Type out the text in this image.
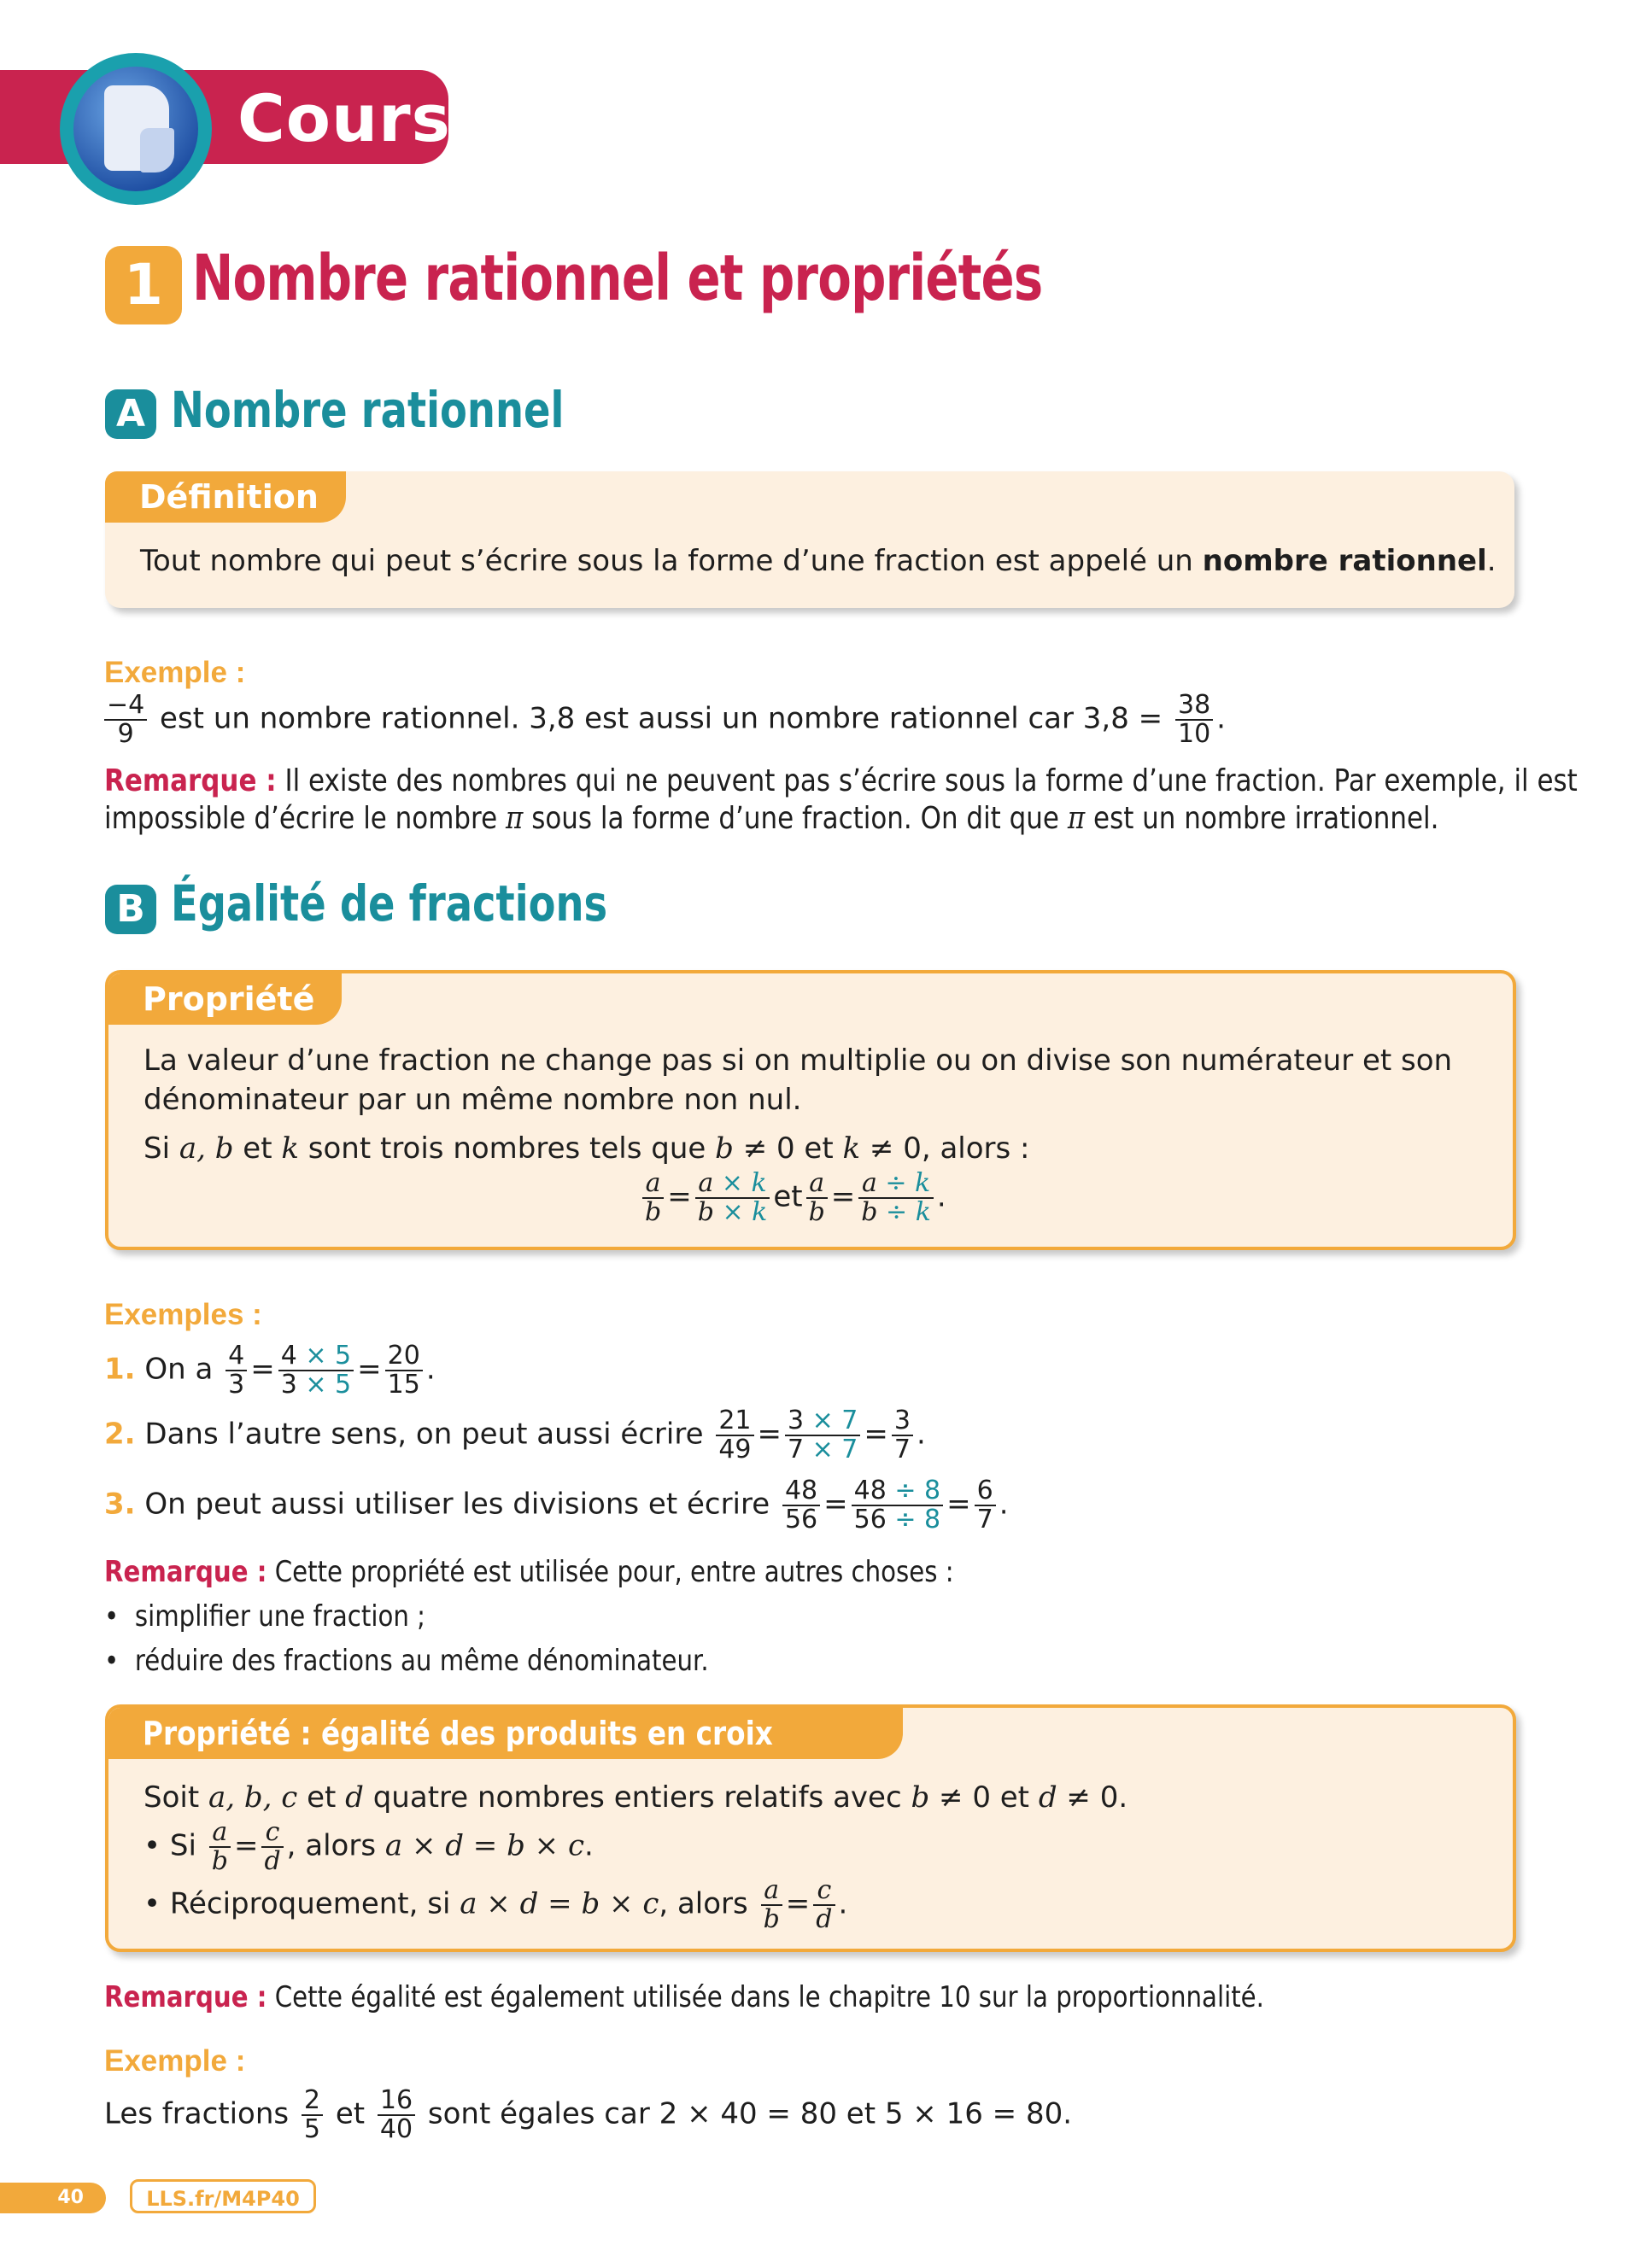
Cours
1 Nombre rationnel et propriétés
A Nombre rationnel
Définition
Tout nombre qui peut s’écrire sous la forme d’une fraction est appelé un nombre rationnel.
Exemple :
$\frac{-4}{9}$ est un nombre rationnel. 3,8 est aussi un nombre rationnel car $3,8 = \frac{38}{10}$ .
Remarque : Il existe des nombres qui ne peuvent pas s’écrire sous la forme d’une fraction. Par exemple, il est
impossible d’écrire le nombre π sous la forme d’une fraction. On dit que π est un nombre irrationnel.
B Égalité de fractions
Propriété
La valeur d’une fraction ne change pas si on multiplie ou on divise son numérateur et son
dénominateur par un même nombre non nul.
Si a, b et k sont trois nombres tels que b ≠ 0 et k ≠ 0, alors :
$\frac{a}{b} = \frac{a \times k}{b \times k}$ et $\frac{a}{b} = \frac{a \div k}{b \div k}$ .
Exemples :
1. On a $\frac{4}{3} = \frac{4 \times 5}{3 \times 5} = \frac{20}{15}$ .
2. Dans l’autre sens, on peut aussi écrire $\frac{21}{49} = \frac{3 \times 7}{7 \times 7} = \frac{3}{7}$ .
3. On peut aussi utiliser les divisions et écrire $\frac{48}{56} = \frac{48 \div 8}{56 \div 8} = \frac{6}{7}$ .
Remarque : Cette propriété est utilisée pour, entre autres choses :
•  simplifier une fraction ;
•  réduire des fractions au même dénominateur.
Propriété : égalité des produits en croix
Soit a, b, c et d quatre nombres entiers relatifs avec b ≠ 0 et d ≠ 0.
• Si $\frac{a}{b} = \frac{c}{d}$ , alors a × d = b × c.
• Réciproquement, si a × d = b × c, alors $\frac{a}{b} = \frac{c}{d}$ .
Remarque : Cette égalité est également utilisée dans le chapitre 10 sur la proportionnalité.
Exemple :
Les fractions $\frac{2}{5}$ et $\frac{16}{40}$ sont égales car 2 × 40 = 80 et 5 × 16 = 80.
40	LLS.fr/M4P40
